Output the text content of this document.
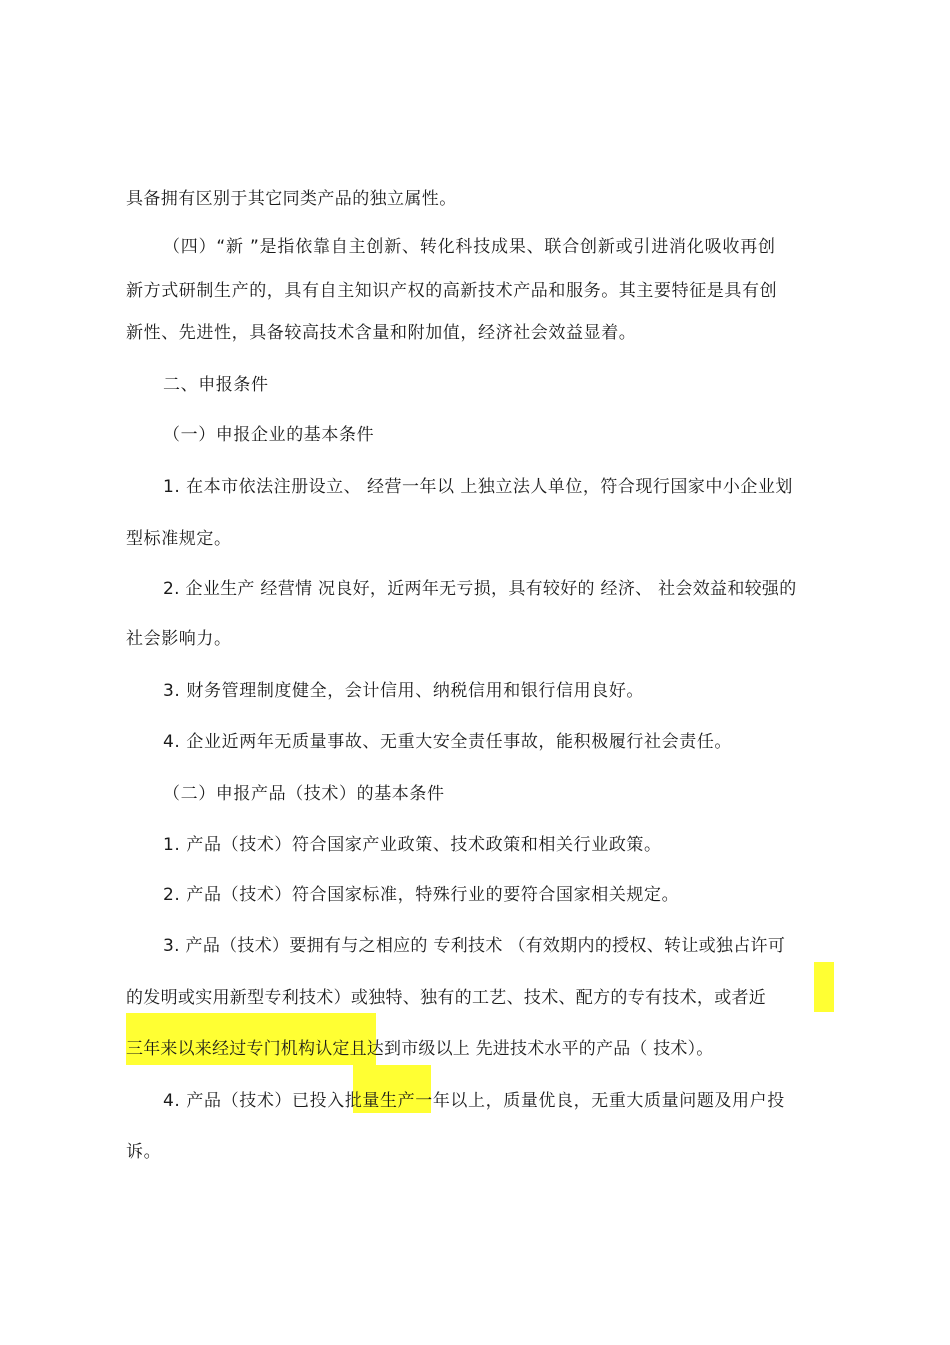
具备拥有区别于其它同类产品的独立属性。
（四）“新 ”是指依靠自主创新、转化科技成果、联合创新或引进消化吸收再创
新方式研制生产的，具有自主知识产权的高新技术产品和服务。其主要特征是具有创
新性、先进性，具备较高技术含量和附加值，经济社会效益显着。
二、申报条件
（一）申报企业的基本条件
1. 在本市依法注册设立、 经营一年以 上独立法人单位，符合现行国家中小企业划
型标准规定。
2. 企业生产 经营情 况良好，近两年无亏损，具有较好的 经济、 社会效益和较强的
社会影响力。
3. 财务管理制度健全，会计信用、纳税信用和银行信用良好。
4. 企业近两年无质量事故、无重大安全责任事故，能积极履行社会责任。
（二）申报产品（技术）的基本条件
1. 产品（技术）符合国家产业政策、技术政策和相关行业政策。
2. 产品（技术）符合国家标准，特殊行业的要符合国家相关规定。
3. 产品（技术）要拥有与之相应的 专利技术 （有效期内的授权、转让或独占许可
的发明或实用新型专利技术）或独特、独有的工艺、技术、配方的专有技术，或者近
三年来以来经过专门机构认定且达到市级以上 先进技术水平的产品（ 技术）。
4. 产品（技术）已投入批量生产一年以上，质量优良，无重大质量问题及用户投
诉。
